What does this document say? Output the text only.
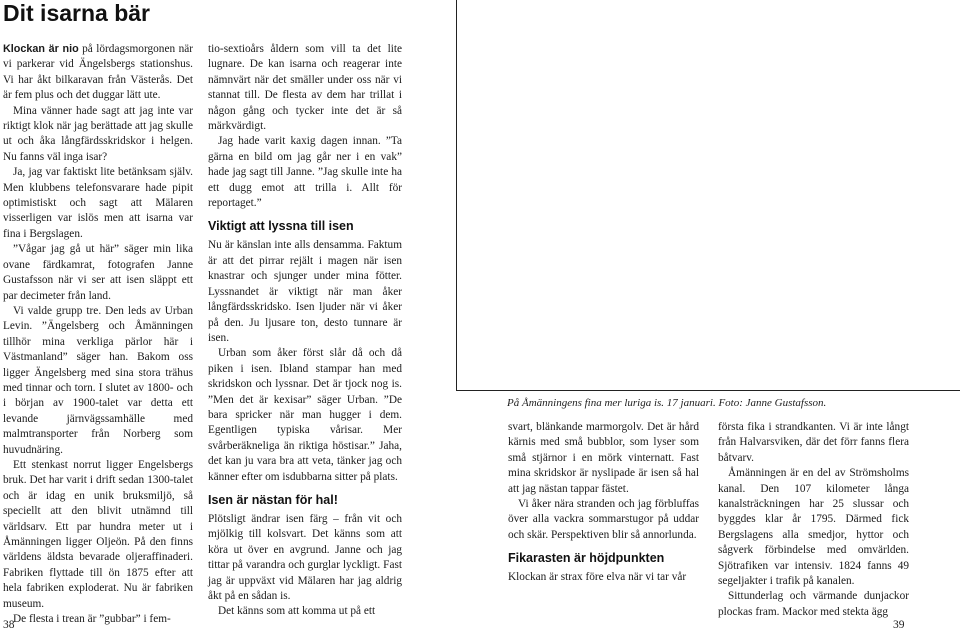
Dit isarna bär

Klockan är nio på lördagsmorgonen när vi parkerar vid Ängelsbergs stationshus. Vi har åkt bilkaravan från Västerås. Det är fem plus och det duggar lätt ute.

Mina vänner hade sagt att jag inte var riktigt klok när jag berättade att jag skulle ut och åka långfärdsskridskor i helgen. Nu fanns väl inga isar?

Ja, jag var faktiskt lite betänksam själv. Men klubbens telefonsvarare hade pipit optimistiskt och sagt att Mälaren visserligen var islös men att isarna var fina i Bergslagen.

”Vågar jag gå ut här” säger min lika ovane färdkamrat, fotografen Janne Gustafsson när vi ser att isen släppt ett par decimeter från land.

Vi valde grupp tre. Den leds av Urban Levin. ”Ängelsberg och Åmänningen tillhör mina verkliga pärlor här i Västmanland” säger han. Bakom oss ligger Ängelsberg med sina stora trähus med tinnar och torn. I slutet av 1800- och i början av 1900-talet var detta ett levande järnvägssamhälle med malmtransporter från Norberg som huvudnäring.

Ett stenkast norrut ligger Engelsbergs bruk. Det har varit i drift sedan 1300-talet och är idag en unik bruksmiljö, så speciellt att den blivit utnämnd till världsarv. Ett par hundra meter ut i Åmänningen ligger Oljeön. På den finns världens äldsta bevarade oljeraffinaderi. Fabriken flyttade till ön 1875 efter att hela fabriken exploderat. Nu är fabriken museum.

De flesta i trean är ”gubbar” i fem-

tio-sextioårs åldern som vill ta det lite lugnare. De kan isarna och reagerar inte nämnvärt när det smäller under oss när vi stannat till. De flesta av dem har trillat i någon gång och tycker inte det är så märkvärdigt.

Jag hade varit kaxig dagen innan. ”Ta gärna en bild om jag går ner i en vak” hade jag sagt till Janne. ”Jag skulle inte ha ett dugg emot att trilla i. Allt för reportaget.”

Viktigt att lyssna till isen

Nu är känslan inte alls densamma. Faktum är att det pirrar rejält i magen när isen knastrar och sjunger under mina fötter. Lyssnandet är viktigt när man åker långfärdsskridsko. Isen ljuder när vi åker på den. Ju ljusare ton, desto tunnare är isen.

Urban som åker först slår då och då piken i isen. Ibland stampar han med skridskon och lyssnar. Det är tjock nog is. ”Men det är kexisar” säger Urban. ”De bara spricker när man hugger i dem. Egentligen typiska vårisar. Mer svårberäkneliga än riktiga höstisar.” Jaha, det kan ju vara bra att veta, tänker jag och känner efter om isdubbarna sitter på plats.

Isen är nästan för hal!

Plötsligt ändrar isen färg – från vit och mjölkig till kolsvart. Det känns som att köra ut över en avgrund. Janne och jag tittar på varandra och gurglar lyckligt. Fast jag är uppväxt vid Mälaren har jag aldrig åkt på en sådan is.

Det känns som att komma ut på ett

På Åmänningens fina mer luriga is. 17 januari. Foto: Janne Gustafsson.

svart, blänkande marmorgolv. Det är hård kärnis med små bubblor, som lyser som små stjärnor i en mörk vinternatt. Fast mina skridskor är nyslipade är isen så hal att jag nästan tappar fästet.

Vi åker nära stranden och jag förbluffas över alla vackra sommarstugor på uddar och skär. Perspektiven blir så annorlunda.

Fikarasten är höjdpunkten

Klockan är strax före elva när vi tar vår

första fika i strandkanten. Vi är inte långt från Halvarsviken, där det förr fanns flera båtvarv.

Åmänningen är en del av Strömsholms kanal. Den 107 kilometer långa kanalsträckningen har 25 slussar och byggdes klar år 1795. Därmed fick Bergslagens alla smedjor, hyttor och sågverk förbindelse med omvärlden. Sjötrafiken var intensiv. 1824 fanns 49 segeljakter i trafik på kanalen.

Sittunderlag och värmande dunjackor plockas fram. Mackor med stekta ägg

38	39
